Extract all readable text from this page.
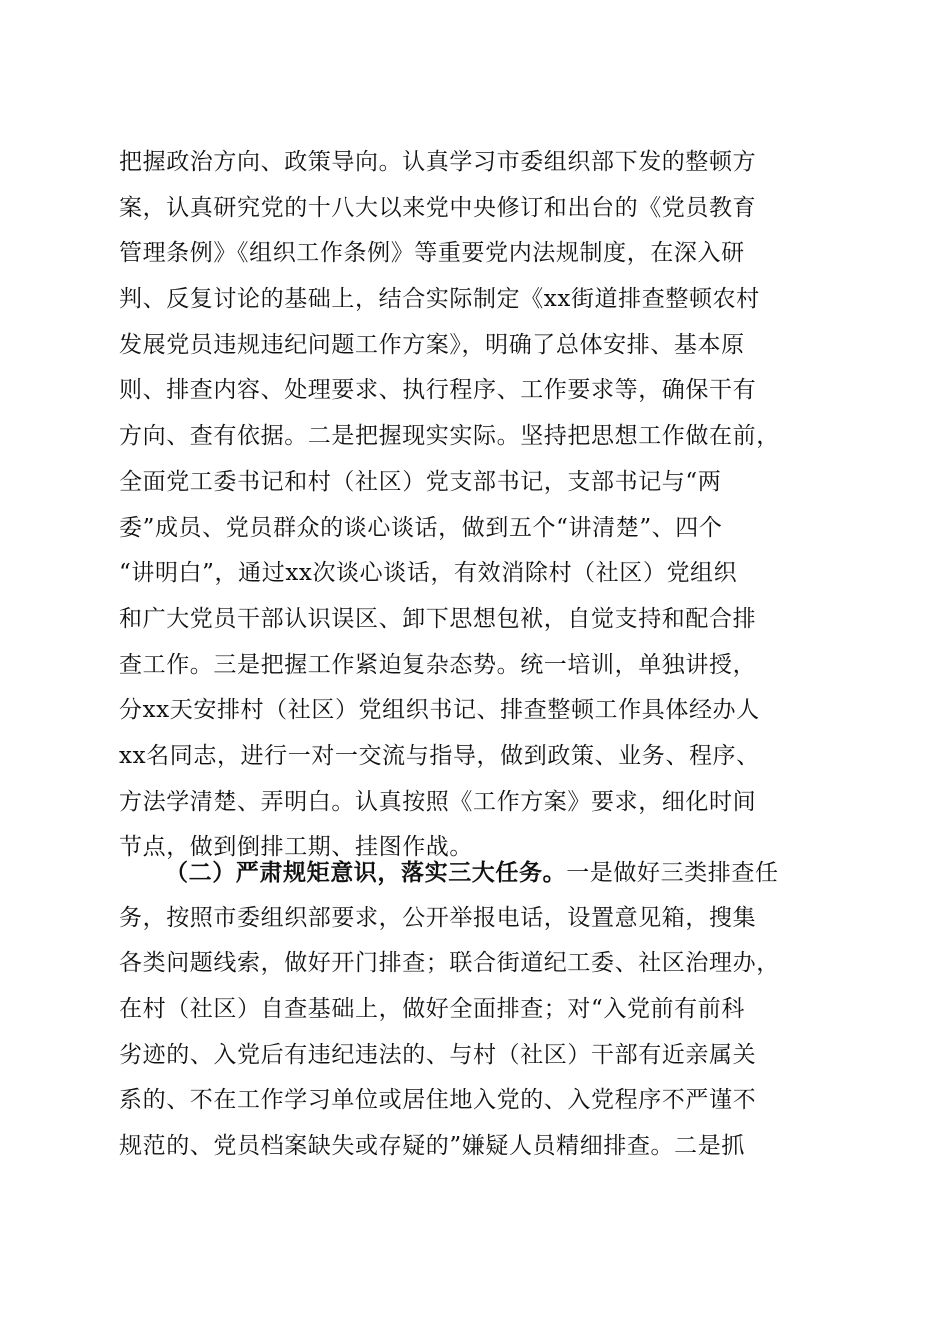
把握政治方向、政策导向。认真学习市委组织部下发的整顿方
案，认真研究党的十八大以来党中央修订和出台的《党员教育
管理条例》《组织工作条例》等重要党内法规制度，在深入研
判、反复讨论的基础上，结合实际制定《xx街道排查整顿农村
发展党员违规违纪问题工作方案》，明确了总体安排、基本原
则、排查内容、处理要求、执行程序、工作要求等，确保干有
方向、查有依据。二是把握现实实际。坚持把思想工作做在前，
全面党工委书记和村（社区）党支部书记，支部书记与“两
委”成员、党员群众的谈心谈话，做到五个“讲清楚”、四个
“讲明白”，通过xx次谈心谈话，有效消除村（社区）党组织
和广大党员干部认识误区、卸下思想包袱，自觉支持和配合排
查工作。三是把握工作紧迫复杂态势。统一培训，单独讲授，
分xx天安排村（社区）党组织书记、排查整顿工作具体经办人
xx名同志，进行一对一交流与指导，做到政策、业务、程序、
方法学清楚、弄明白。认真按照《工作方案》要求，细化时间
节点，做到倒排工期、挂图作战。
（二）严肃规矩意识，落实三大任务。一是做好三类排查任
务，按照市委组织部要求，公开举报电话，设置意见箱，搜集
各类问题线索，做好开门排查；联合街道纪工委、社区治理办，
在村（社区）自查基础上，做好全面排查；对“入党前有前科
劣迹的、入党后有违纪违法的、与村（社区）干部有近亲属关
系的、不在工作学习单位或居住地入党的、入党程序不严谨不
规范的、党员档案缺失或存疑的”嫌疑人员精细排查。二是抓
